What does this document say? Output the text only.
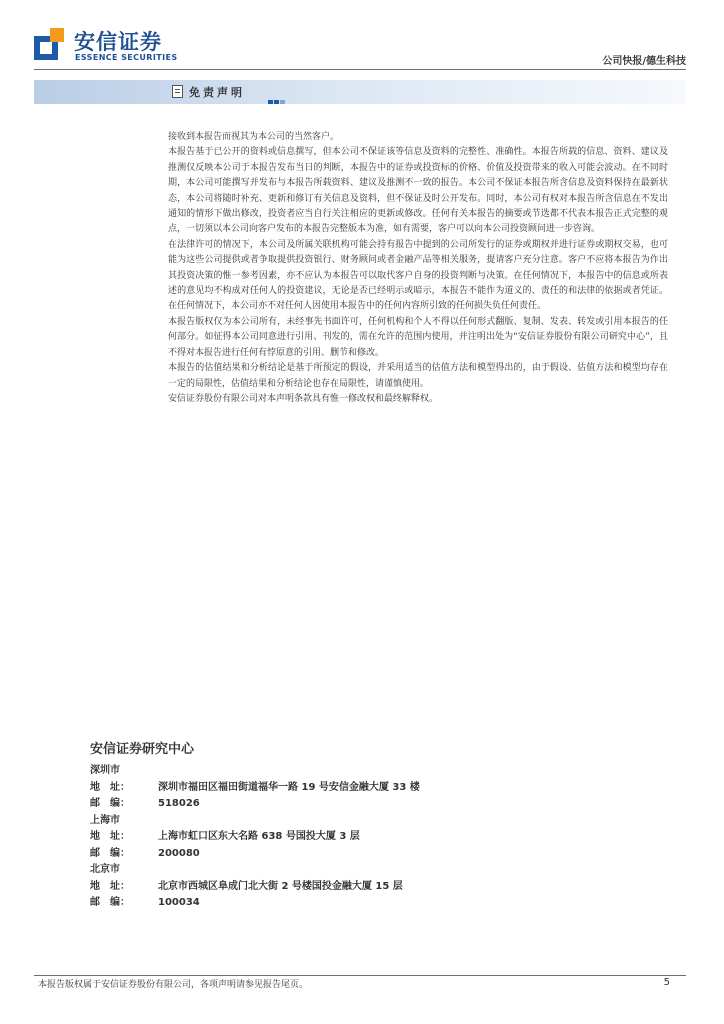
安信证券
ESSENCE SECURITIES	公司快报/德生科技
免责声明

接收到本报告而视其为本公司的当然客户。

本报告基于已公开的资料或信息撰写，但本公司不保证该等信息及资料的完整性、准确性。本报告所载的信息、资料、建议及推测仅反映本公司于本报告发布当日的判断，本报告中的证券或投资标的价格、价值及投资带来的收入可能会波动。在不同时期，本公司可能撰写并发布与本报告所载资料、建议及推测不一致的报告。本公司不保证本报告所含信息及资料保持在最新状态，本公司将随时补充、更新和修订有关信息及资料，但不保证及时公开发布。同时，本公司有权对本报告所含信息在不发出通知的情形下做出修改，投资者应当自行关注相应的更新或修改。任何有关本报告的摘要或节选都不代表本报告正式完整的观点，一切须以本公司向客户发布的本报告完整版本为准，如有需要，客户可以向本公司投资顾问进一步咨询。

在法律许可的情况下，本公司及所属关联机构可能会持有报告中提到的公司所发行的证券或期权并进行证券或期权交易，也可能为这些公司提供或者争取提供投资银行、财务顾问或者金融产品等相关服务，提请客户充分注意。客户不应将本报告为作出其投资决策的惟一参考因素，亦不应认为本报告可以取代客户自身的投资判断与决策。在任何情况下，本报告中的信息或所表述的意见均不构成对任何人的投资建议，无论是否已经明示或暗示，本报告不能作为道义的、责任的和法律的依据或者凭证。在任何情况下，本公司亦不对任何人因使用本报告中的任何内容所引致的任何损失负任何责任。

本报告版权仅为本公司所有，未经事先书面许可，任何机构和个人不得以任何形式翻版、复制、发表、转发或引用本报告的任何部分。如征得本公司同意进行引用、刊发的，需在允许的范围内使用，并注明出处为“安信证券股份有限公司研究中心”，且不得对本报告进行任何有悖原意的引用、删节和修改。

本报告的估值结果和分析结论是基于所预定的假设，并采用适当的估值方法和模型得出的，由于假设、估值方法和模型均存在一定的局限性，估值结果和分析结论也存在局限性，请谨慎使用。

安信证券股份有限公司对本声明条款具有惟一修改权和最终解释权。

安信证券研究中心
深圳市
地　址：	深圳市福田区福田街道福华一路 19 号安信金融大厦 33 楼
邮　编：	518026
上海市
地　址：	上海市虹口区东大名路 638 号国投大厦 3 层
邮　编：	200080
北京市
地　址：	北京市西城区阜成门北大街 2 号楼国投金融大厦 15 层
邮　编：	100034
本报告版权属于安信证券股份有限公司，各项声明请参见报告尾页。	5
